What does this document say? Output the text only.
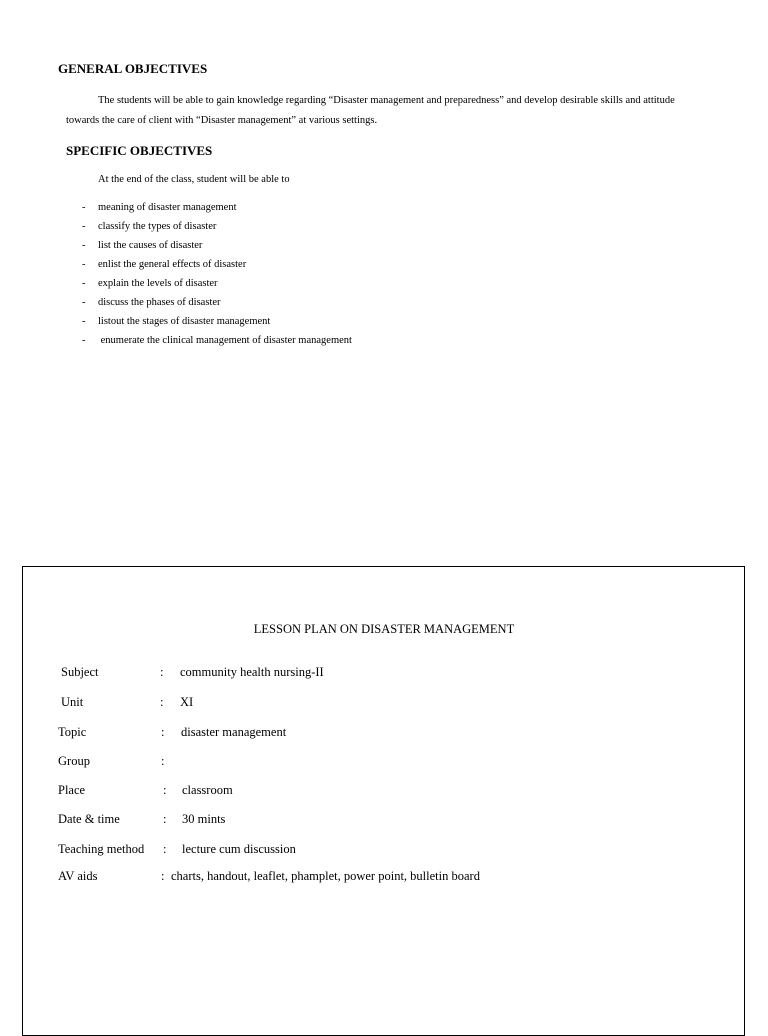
GENERAL OBJECTIVES
The students will be able to gain knowledge regarding “Disaster management and preparedness” and develop desirable skills and attitude
towards the care of client with “Disaster management” at various settings.
SPECIFIC OBJECTIVES
At the end of the class, student will be able to
- meaning of disaster management
- classify the types of disaster
- list the causes of disaster
- enlist the general effects of disaster
- explain the levels of disaster
- discuss the phases of disaster
- listout the stages of disaster management
- enumerate the clinical management of disaster management
LESSON PLAN ON DISASTER MANAGEMENT
Subject	: community health nursing-II
Unit	: XI
Topic	: disaster management
Group	:
Place	: classroom
Date & time	: 30 mints
Teaching method : lecture cum discussion
AV aids	: charts, handout, leaflet, phamplet, power point, bulletin board
